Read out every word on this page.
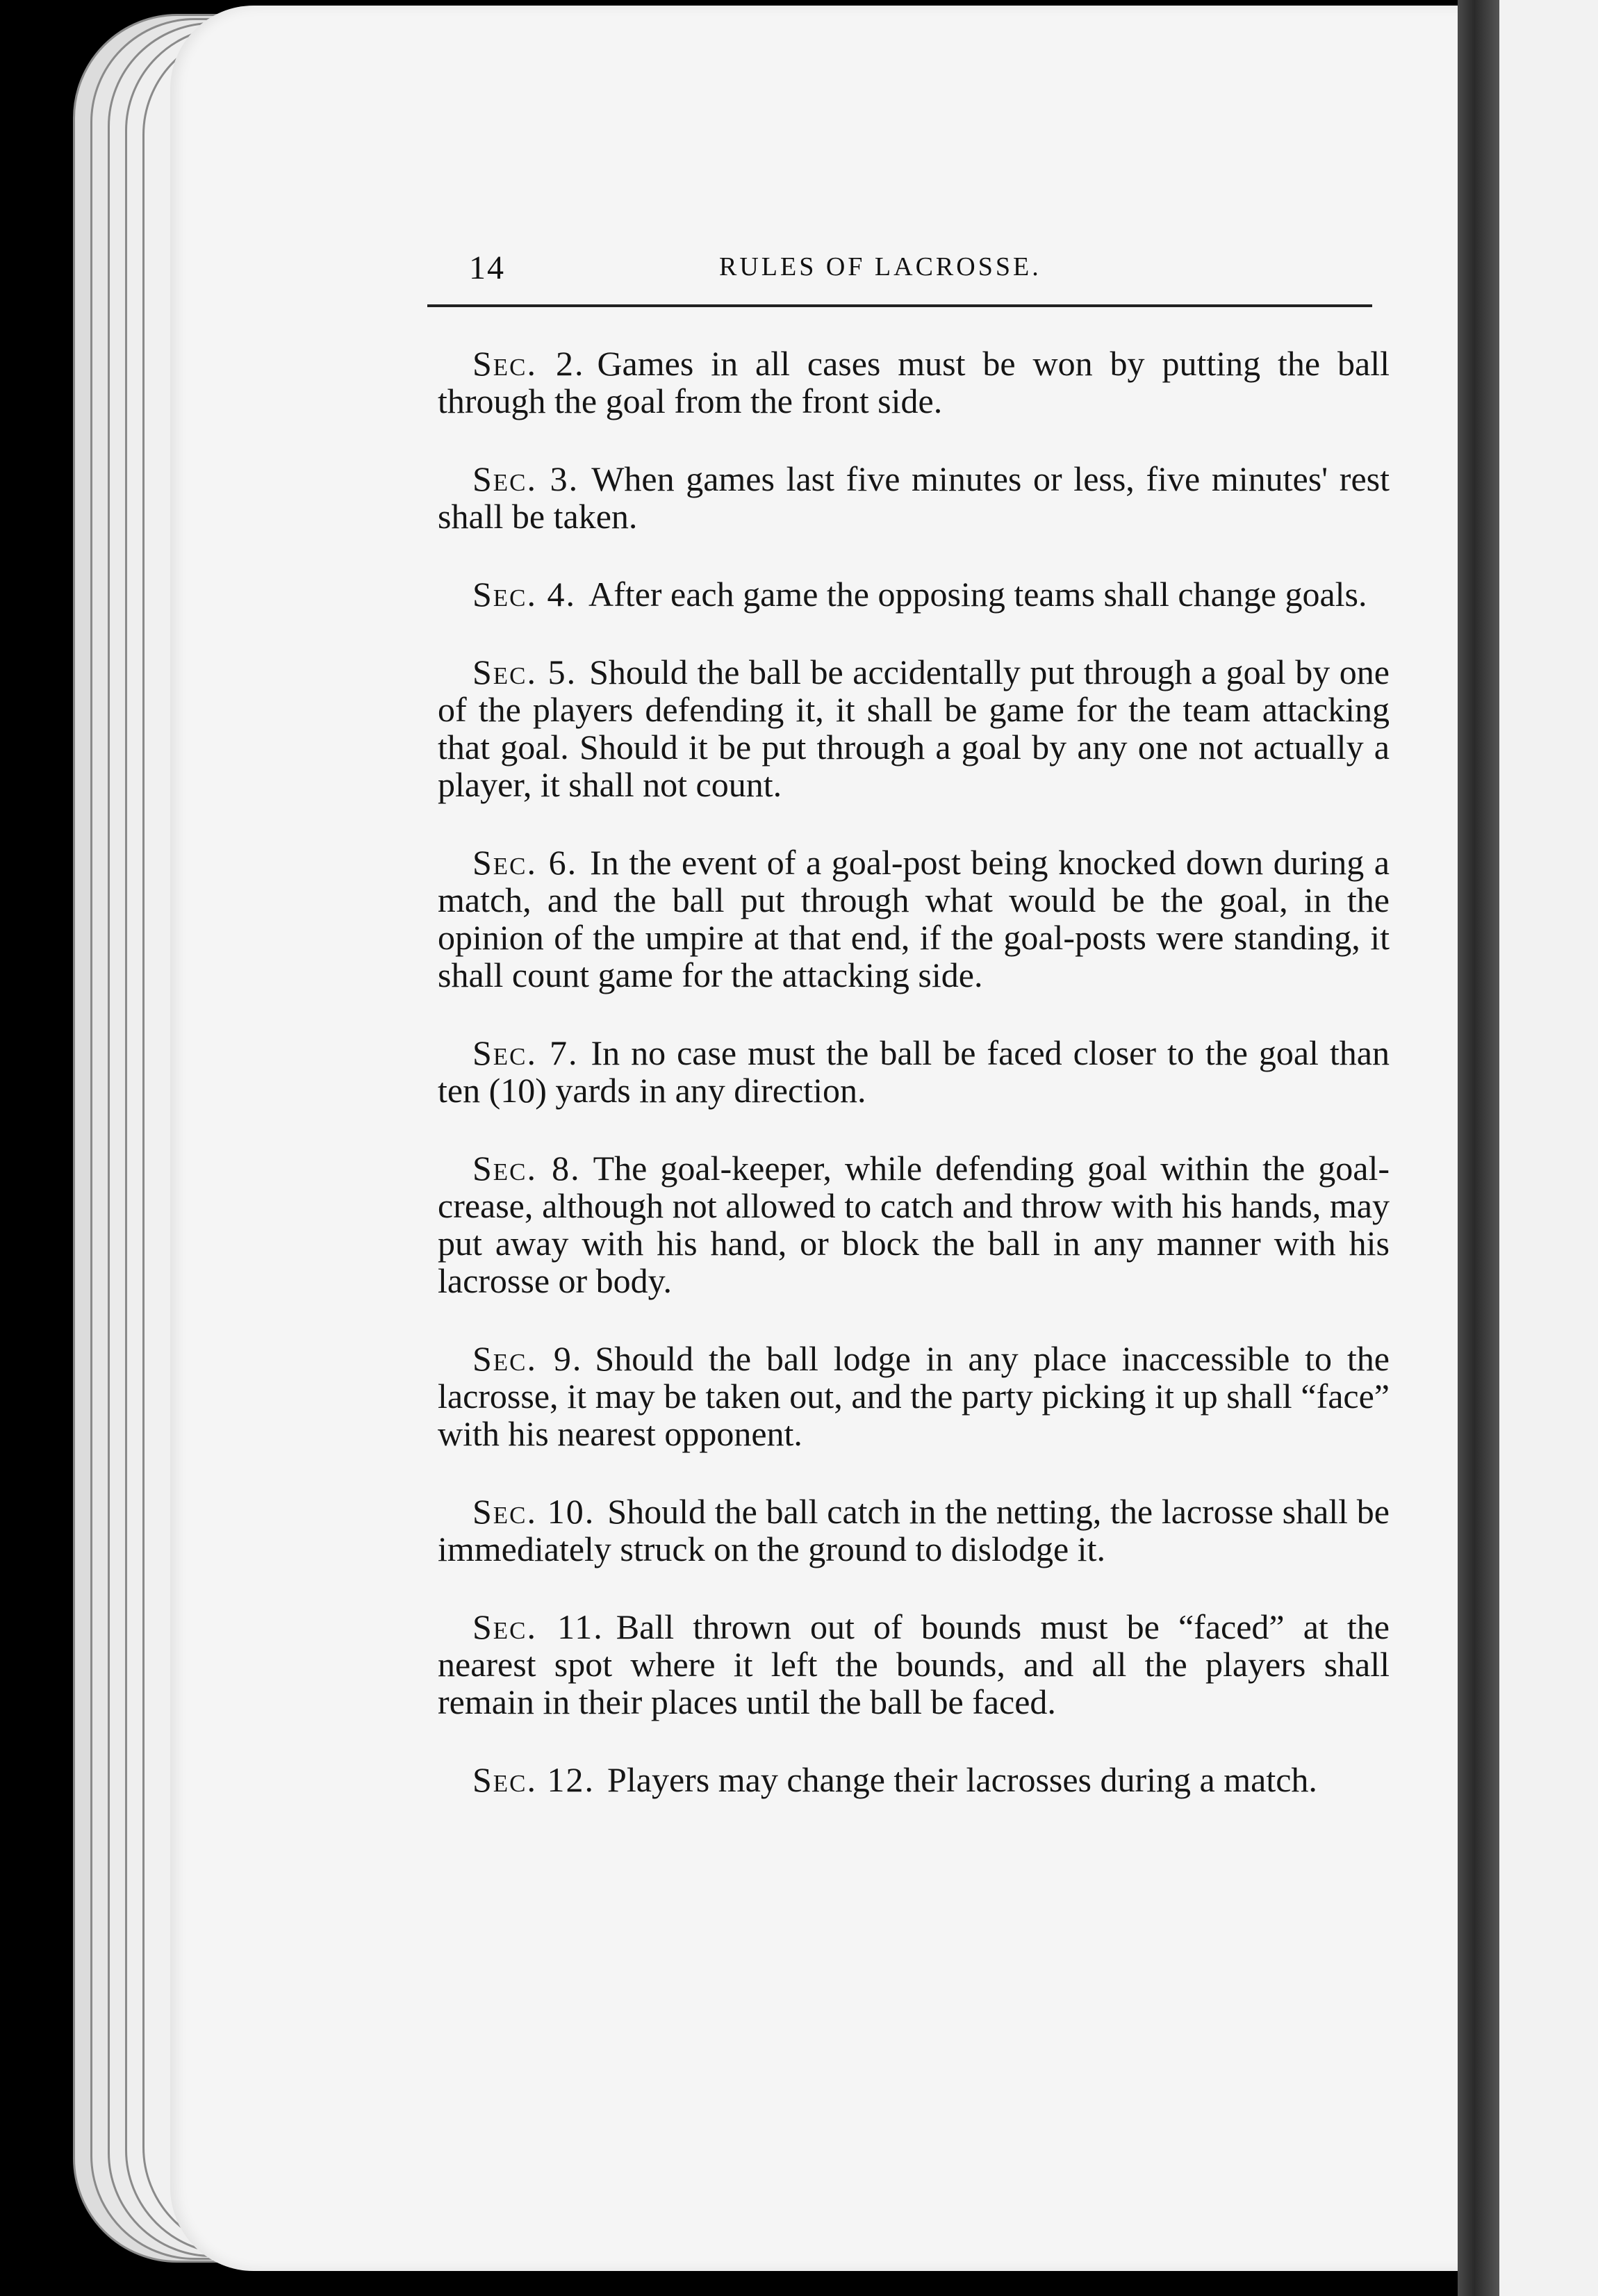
14	RULES OF LACROSSE.

Sec. 2. Games in all cases must be won by putting the ball through the goal from the front side.

Sec. 3. When games last five minutes or less, five minutes' rest shall be taken.

Sec. 4. After each game the opposing teams shall change goals.

Sec. 5. Should the ball be accidentally put through a goal by one of the players defending it, it shall be game for the team attacking that goal. Should it be put through a goal by any one not actually a player, it shall not count.

Sec. 6. In the event of a goal-post being knocked down during a match, and the ball put through what would be the goal, in the opinion of the umpire at that end, if the goal-posts were standing, it shall count game for the attacking side.

Sec. 7. In no case must the ball be faced closer to the goal than ten (10) yards in any direction.

Sec. 8. The goal-keeper, while defending goal within the goal-crease, although not allowed to catch and throw with his hands, may put away with his hand, or block the ball in any manner with his lacrosse or body.

Sec. 9. Should the ball lodge in any place inaccessible to the lacrosse, it may be taken out, and the party picking it up shall “face” with his nearest opponent.

Sec. 10. Should the ball catch in the netting, the lacrosse shall be immediately struck on the ground to dislodge it.

Sec. 11. Ball thrown out of bounds must be “faced” at the nearest spot where it left the bounds, and all the players shall remain in their places until the ball be faced.

Sec. 12. Players may change their lacrosses during a match.
